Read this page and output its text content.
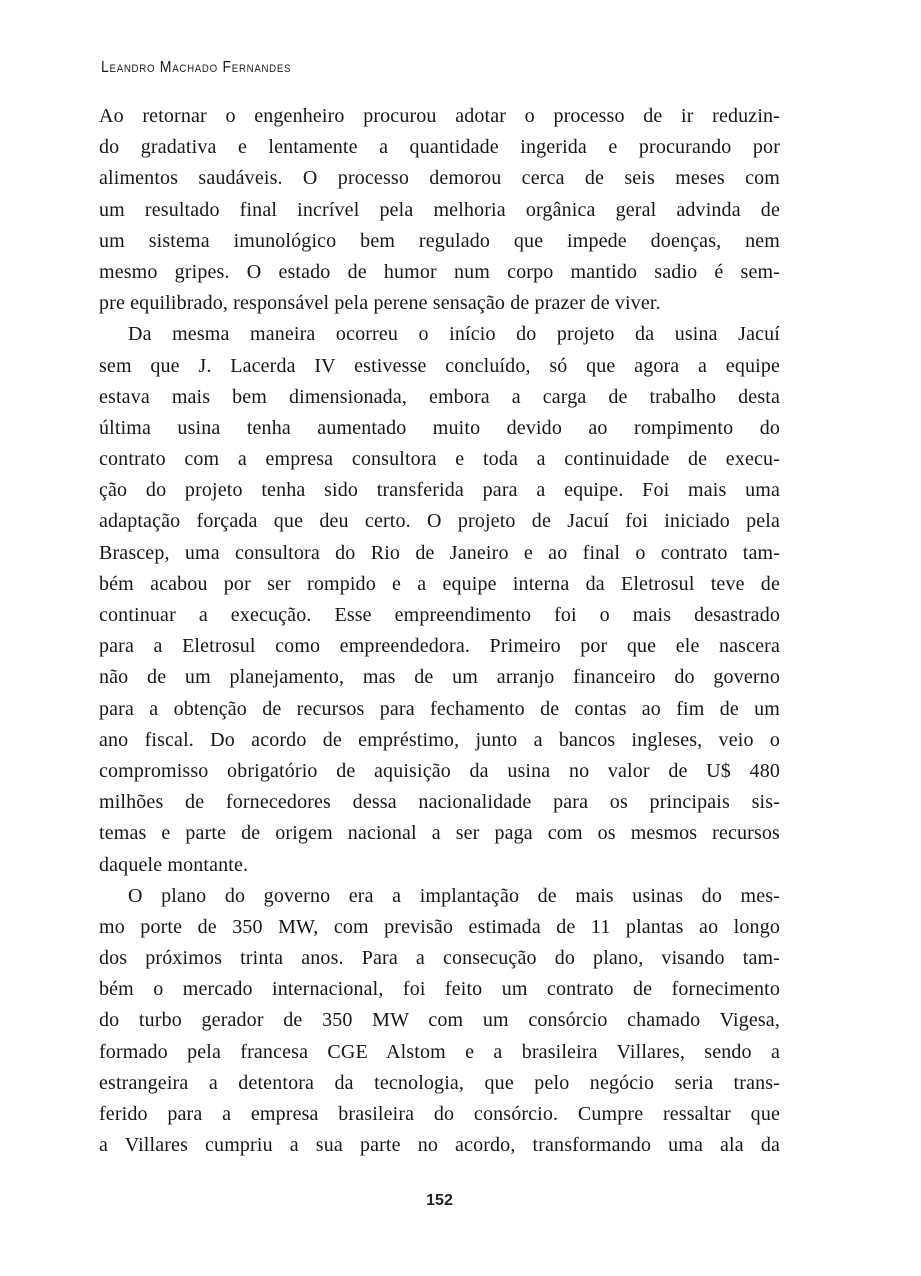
Leandro Machado Fernandes
Ao retornar o engenheiro procurou adotar o processo de ir reduzin-
do gradativa e lentamente a quantidade ingerida e procurando por
alimentos saudáveis. O processo demorou cerca de seis meses com
um resultado final incrível pela melhoria orgânica geral advinda de
um sistema imunológico bem regulado que impede doenças, nem
mesmo gripes. O estado de humor num corpo mantido sadio é sem-
pre equilibrado, responsável pela perene sensação de prazer de viver.
Da mesma maneira ocorreu o início do projeto da usina Jacuí
sem que J. Lacerda IV estivesse concluído, só que agora a equipe
estava mais bem dimensionada, embora a carga de trabalho desta
última usina tenha aumentado muito devido ao rompimento do
contrato com a empresa consultora e toda a continuidade de execu-
ção do projeto tenha sido transferida para a equipe. Foi mais uma
adaptação forçada que deu certo. O projeto de Jacuí foi iniciado pela
Brascep, uma consultora do Rio de Janeiro e ao final o contrato tam-
bém acabou por ser rompido e a equipe interna da Eletrosul teve de
continuar a execução. Esse empreendimento foi o mais desastrado
para a Eletrosul como empreendedora. Primeiro por que ele nascera
não de um planejamento, mas de um arranjo financeiro do governo
para a obtenção de recursos para fechamento de contas ao fim de um
ano fiscal. Do acordo de empréstimo, junto a bancos ingleses, veio o
compromisso obrigatório de aquisição da usina no valor de U$ 480
milhões de fornecedores dessa nacionalidade para os principais sis-
temas e parte de origem nacional a ser paga com os mesmos recursos
daquele montante.
O plano do governo era a implantação de mais usinas do mes-
mo porte de 350 MW, com previsão estimada de 11 plantas ao longo
dos próximos trinta anos. Para a consecução do plano, visando tam-
bém o mercado internacional, foi feito um contrato de fornecimento
do turbo gerador de 350 MW com um consórcio chamado Vigesa,
formado pela francesa CGE Alstom e a brasileira Villares, sendo a
estrangeira a detentora da tecnologia, que pelo negócio seria trans-
ferido para a empresa brasileira do consórcio. Cumpre ressaltar que
a Villares cumpriu a sua parte no acordo, transformando uma ala da
152
